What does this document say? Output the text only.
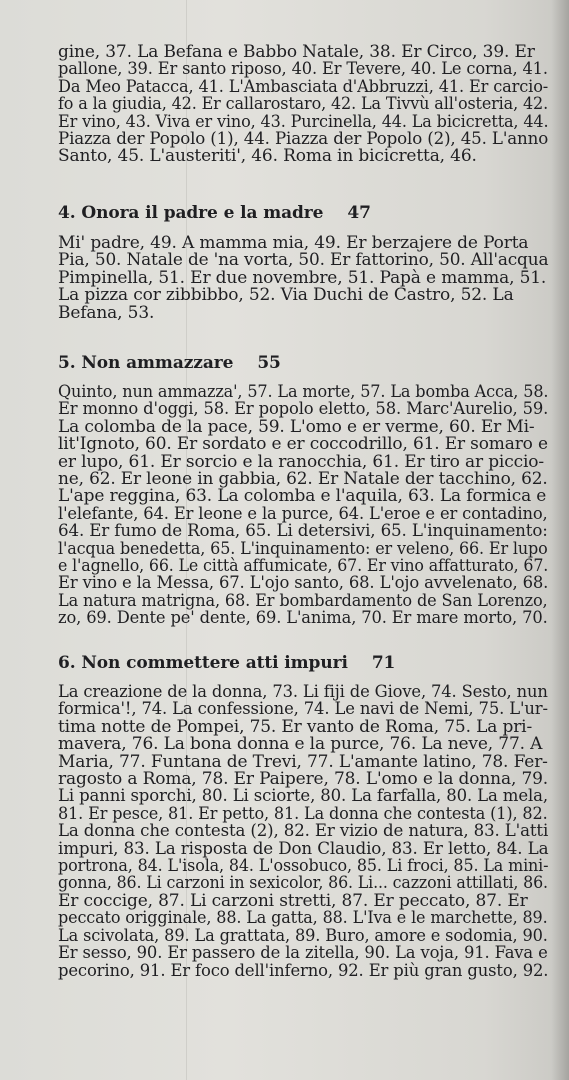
gine, 37. La Befana e Babbo Natale, 38. Er Circo, 39. Er
pallone, 39. Er santo riposo, 40. Er Tevere, 40. Le corna, 41.
Da Meo Patacca, 41. L'Ambasciata d'Abbruzzi, 41. Er carcio-
fo a la giudia, 42. Er callarostaro, 42. La Tivvù all'osteria, 42.
Er vino, 43. Viva er vino, 43. Purcinella, 44. La bicicretta, 44.
Piazza der Popolo (1), 44. Piazza der Popolo (2), 45. L'anno
Santo, 45. L'austeriti', 46. Roma in bicicretta, 46.
4. Onora il padre e la madre 47
Mi' padre, 49. A mamma mia, 49. Er berzajere de Porta
Pia, 50. Natale de 'na vorta, 50. Er fattorino, 50. All'acqua
Pimpinella, 51. Er due novembre, 51. Papà e mamma, 51.
La pizza cor zibbibbo, 52. Via Duchi de Castro, 52. La
Befana, 53.
5. Non ammazzare 55
Quinto, nun ammazza', 57. La morte, 57. La bomba Acca, 58.
Er monno d'oggi, 58. Er popolo eletto, 58. Marc'Aurelio, 59.
La colomba de la pace, 59. L'omo e er verme, 60. Er Mi-
lit'Ignoto, 60. Er sordato e er coccodrillo, 61. Er somaro e
er lupo, 61. Er sorcio e la ranocchia, 61. Er tiro ar piccio-
ne, 62. Er leone in gabbia, 62. Er Natale der tacchino, 62.
L'ape reggina, 63. La colomba e l'aquila, 63. La formica e
l'elefante, 64. Er leone e la purce, 64. L'eroe e er contadino,
64. Er fumo de Roma, 65. Li detersivi, 65. L'inquinamento:
l'acqua benedetta, 65. L'inquinamento: er veleno, 66. Er lupo
e l'agnello, 66. Le città affumicate, 67. Er vino affatturato, 67.
Er vino e la Messa, 67. L'ojo santo, 68. L'ojo avvelenato, 68.
La natura matrigna, 68. Er bombardamento de San Lorenzo,
zo, 69. Dente pe' dente, 69. L'anima, 70. Er mare morto, 70.
6. Non commettere atti impuri 71
La creazione de la donna, 73. Li fiji de Giove, 74. Sesto, nun
formica'!, 74. La confessione, 74. Le navi de Nemi, 75. L'ur-
tima notte de Pompei, 75. Er vanto de Roma, 75. La pri-
mavera, 76. La bona donna e la purce, 76. La neve, 77. A
Maria, 77. Funtana de Trevi, 77. L'amante latino, 78. Fer-
ragosto a Roma, 78. Er Paipere, 78. L'omo e la donna, 79.
Li panni sporchi, 80. Li sciorte, 80. La farfalla, 80. La mela,
81. Er pesce, 81. Er petto, 81. La donna che contesta (1), 82.
La donna che contesta (2), 82. Er vizio de natura, 83. L'atti
impuri, 83. La risposta de Don Claudio, 83. Er letto, 84. La
portrona, 84. L'isola, 84. L'ossobuco, 85. Li froci, 85. La mini-
gonna, 86. Li carzoni in sexicolor, 86. Li... cazzoni attillati, 86.
Er coccige, 87. Li carzoni stretti, 87. Er peccato, 87. Er
peccato origginale, 88. La gatta, 88. L'Iva e le marchette, 89.
La scivolata, 89. La grattata, 89. Buro, amore e sodomia, 90.
Er sesso, 90. Er passero de la zitella, 90. La voja, 91. Fava e
pecorino, 91. Er foco dell'inferno, 92. Er più gran gusto, 92.
